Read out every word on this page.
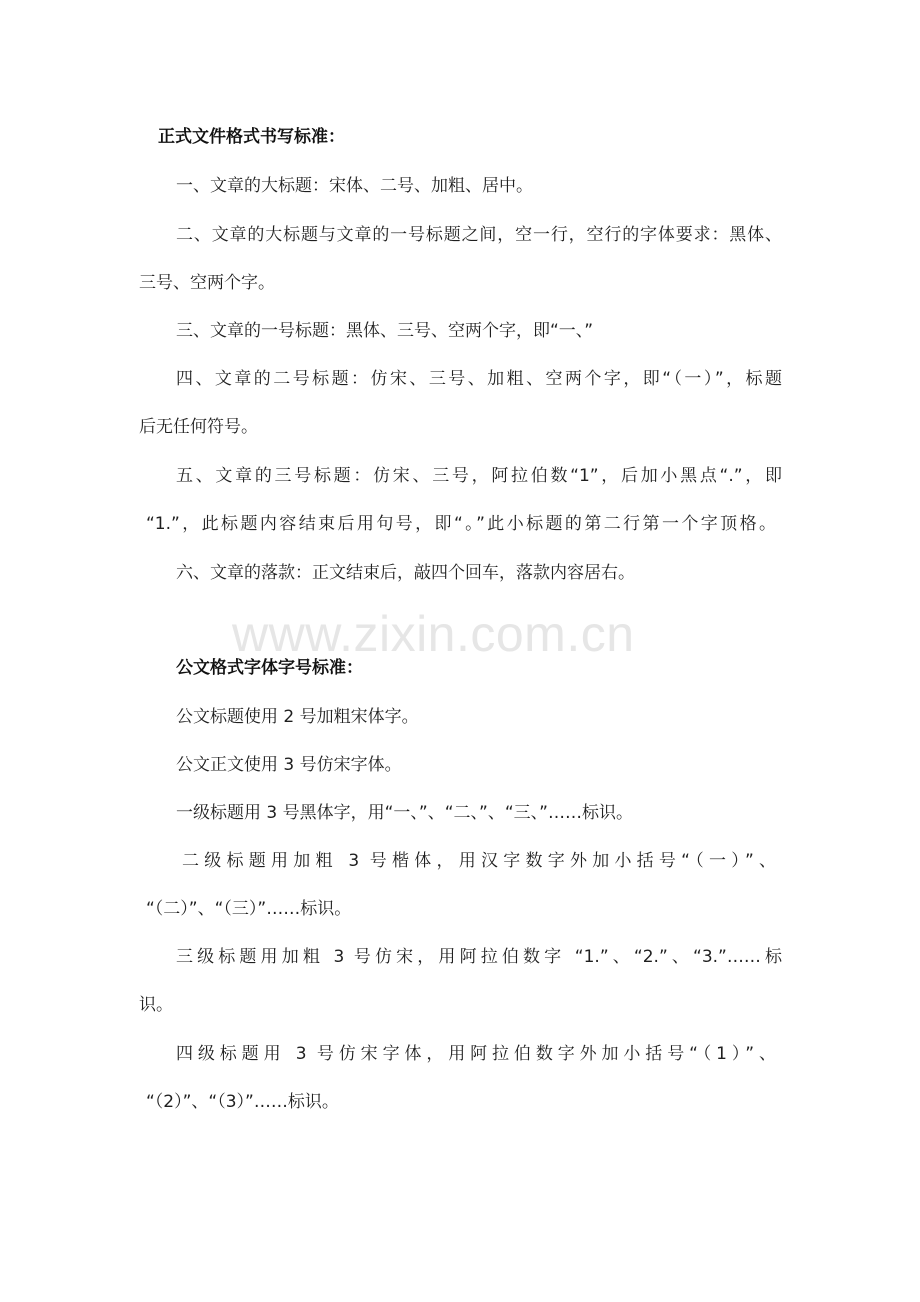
正式文件格式书写标准：
一、文章的大标题：宋体、二号、加粗、居中。
二、文章的大标题与文章的一号标题之间，空一行，空行的字体要求：黑体、
三号、空两个字。
三、文章的一号标题：黑体、三号、空两个字，即“一、”
四、文章的二号标题：仿宋、三号、加粗、空两个字，即“（一）”，标题
后无任何符号。
五、文章的三号标题：仿宋、三号，阿拉伯数“1”，后加小黑点“.”，即
“1.”，此标题内容结束后用句号，即“。”此小标题的第二行第一个字顶格。
六、文章的落款：正文结束后，敲四个回车，落款内容居右。
www.zixin.com.cn
公文格式字体字号标准：
公文标题使用 2 号加粗宋体字。
公文正文使用 3 号仿宋字体。
一级标题用 3 号黑体字，用“一、”、“二、”、“三、”……标识。
二级标题用加粗 3 号楷体，用汉字数字外加小括号“（一）”、
“（二）”、“（三）”……标识。
三级标题用加粗 3 号仿宋，用阿拉伯数字 “1.”、“2.”、“3.”……标
识。
四级标题用 3 号仿宋字体，用阿拉伯数字外加小括号“（1）”、
“（2）”、“（3）”……标识。
